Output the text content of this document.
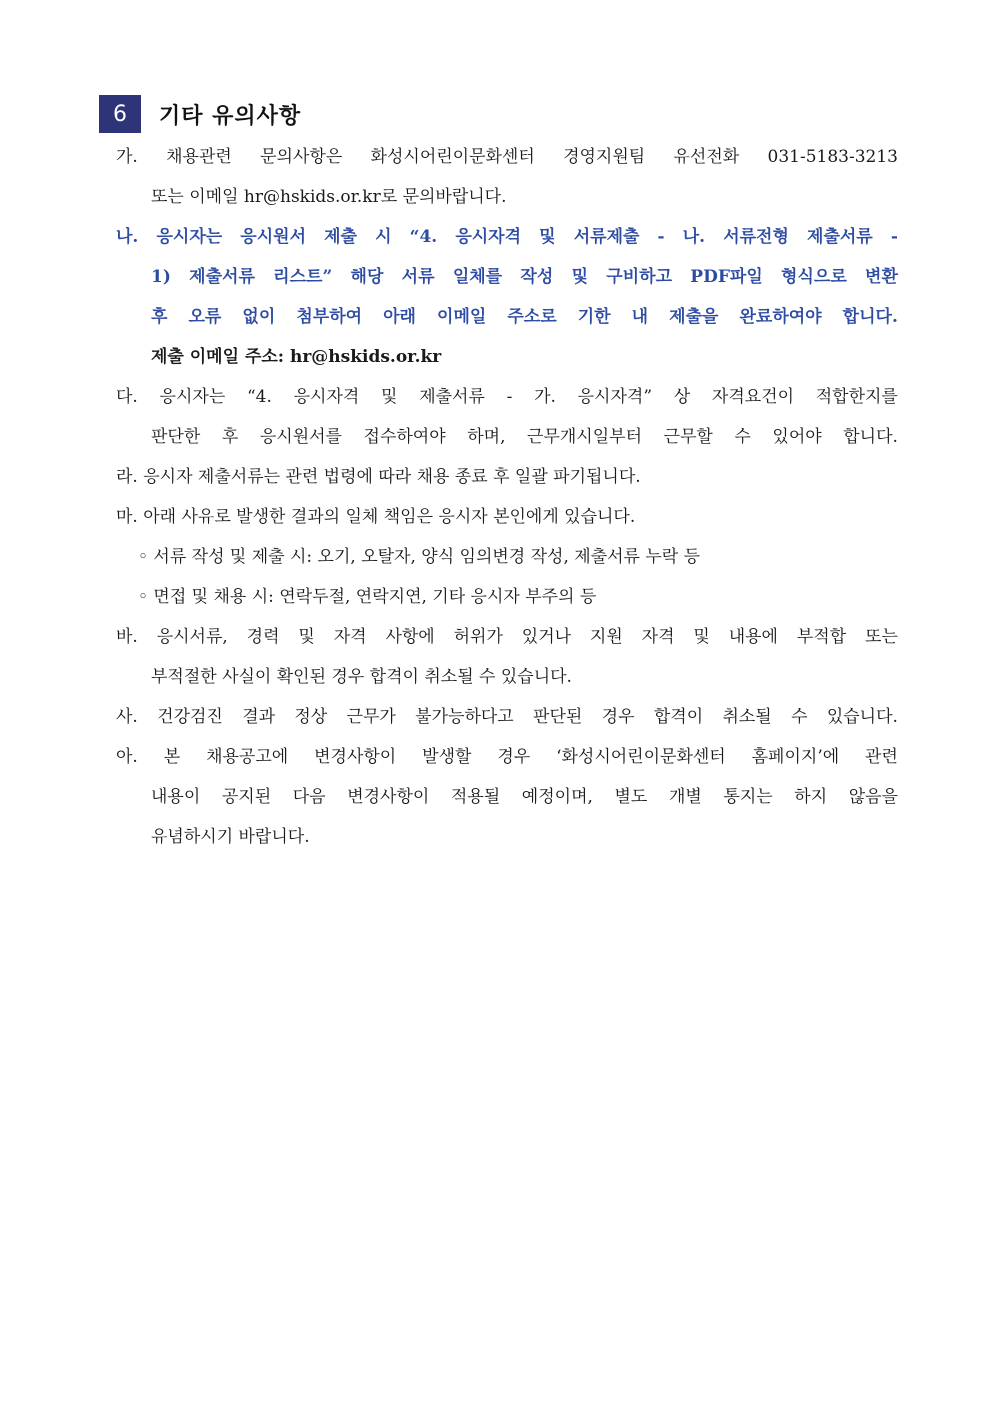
6	기타 유의사항
가. 채용관련 문의사항은 화성시어린이문화센터 경영지원팀 유선전화 031-5183-3213
또는 이메일 hr@hskids.or.kr로 문의바랍니다.
나. 응시자는 응시원서 제출 시 “4. 응시자격 및 서류제출 - 나. 서류전형 제출서류 -
1) 제출서류 리스트” 해당 서류 일체를 작성 및 구비하고 PDF파일 형식으로 변환
후 오류 없이 첨부하여 아래 이메일 주소로 기한 내 제출을 완료하여야 합니다.
제출 이메일 주소: hr@hskids.or.kr
다. 응시자는 “4. 응시자격 및 제출서류 - 가. 응시자격” 상 자격요건이 적합한지를
판단한 후 응시원서를 접수하여야 하며, 근무개시일부터 근무할 수 있어야 합니다.
라. 응시자 제출서류는 관련 법령에 따라 채용 종료 후 일괄 파기됩니다.
마. 아래 사유로 발생한 결과의 일체 책임은 응시자 본인에게 있습니다.
◦ 서류 작성 및 제출 시: 오기, 오탈자, 양식 임의변경 작성, 제출서류 누락 등
◦ 면접 및 채용 시: 연락두절, 연락지연, 기타 응시자 부주의 등
바. 응시서류, 경력 및 자격 사항에 허위가 있거나 지원 자격 및 내용에 부적합 또는
부적절한 사실이 확인된 경우 합격이 취소될 수 있습니다.
사. 건강검진 결과 정상 근무가 불가능하다고 판단된 경우 합격이 취소될 수 있습니다.
아. 본 채용공고에 변경사항이 발생할 경우 ‘화성시어린이문화센터 홈페이지’에 관련
내용이 공지된 다음 변경사항이 적용될 예정이며, 별도 개별 통지는 하지 않음을
유념하시기 바랍니다.
